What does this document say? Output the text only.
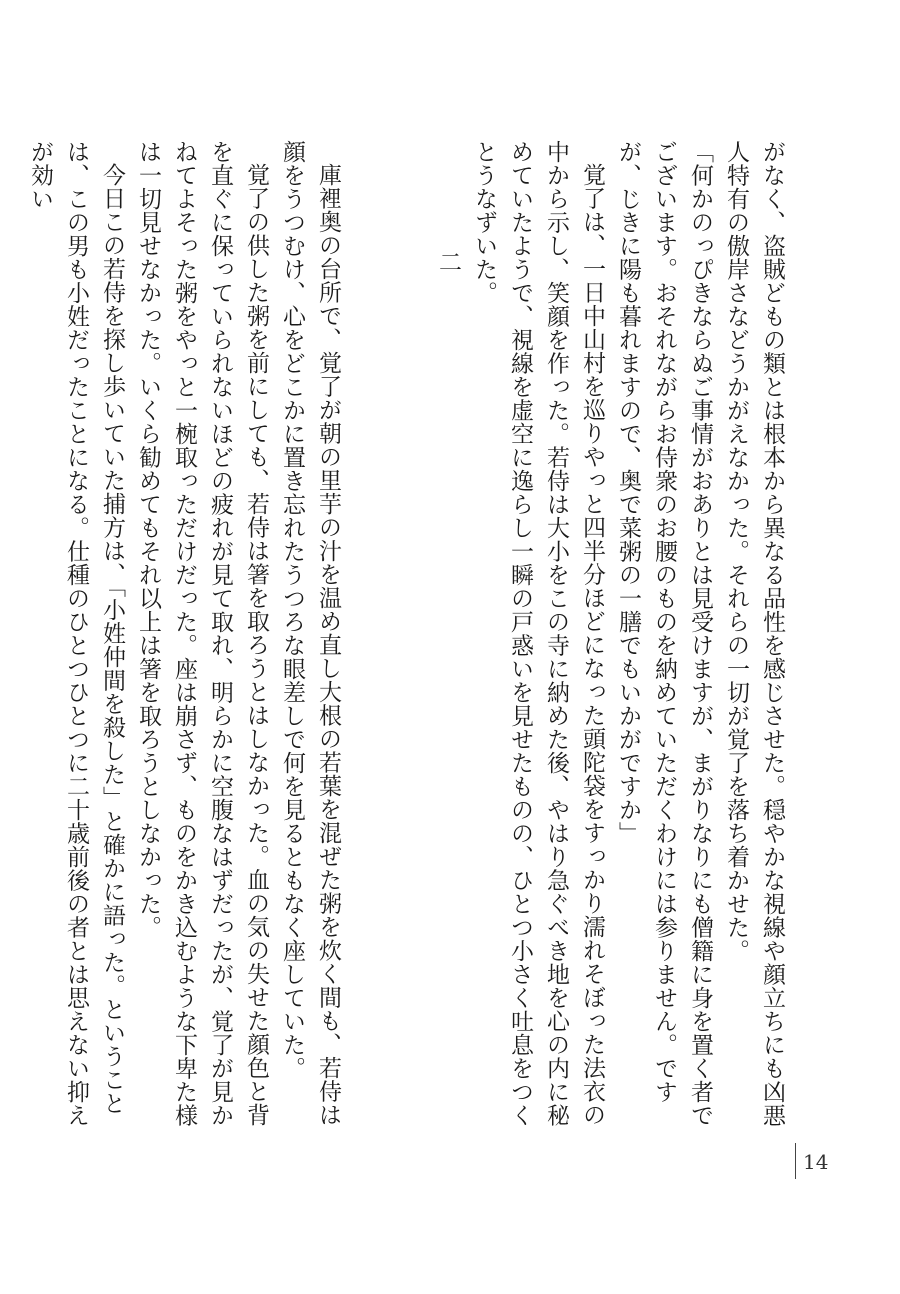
がなく、盗賊どもの類とは根本から異なる品性を感じさせた。穏やかな視線や顔立ちにも凶悪人特有の傲岸さなどうかがえなかった。それらの一切が覚了を落ち着かせた。

「何かのっぴきならぬご事情がおありとは見受けますが、まがりなりにも僧籍に身を置く者でございます。おそれながらお侍衆のお腰のものを納めていただくわけには参りません。ですが、じきに陽も暮れますので、奥で菜粥の一膳でもいかがですか」

覚了は、一日中山村を巡りやっと四半分ほどになった頭陀袋をすっかり濡れそぼった法衣の中から示し、笑顔を作った。若侍は大小をこの寺に納めた後、やはり急ぐべき地を心の内に秘めていたようで、視線を虚空に逸らし一瞬の戸惑いを見せたものの、ひとつ小さく吐息をつくとうなずいた。

二

庫裡奥の台所で、覚了が朝の里芋の汁を温め直し大根の若葉を混ぜた粥を炊く間も、若侍は顔をうつむけ、心をどこかに置き忘れたうつろな眼差しで何を見るともなく座していた。

覚了の供した粥を前にしても、若侍は箸を取ろうとはしなかった。血の気の失せた顔色と背を直ぐに保っていられないほどの疲れが見て取れ、明らかに空腹なはずだったが、覚了が見かねてよそった粥をやっと一椀取っただけだった。座は崩さず、ものをかき込むような下卑た様は一切見せなかった。いくら勧めてもそれ以上は箸を取ろうとしなかった。

今日この若侍を探し歩いていた捕方は、「小姓仲間を殺した」と確かに語った。ということは、この男も小姓だったことになる。仕種のひとつひとつに二十歳前後の者とは思えない抑えが効い

14
